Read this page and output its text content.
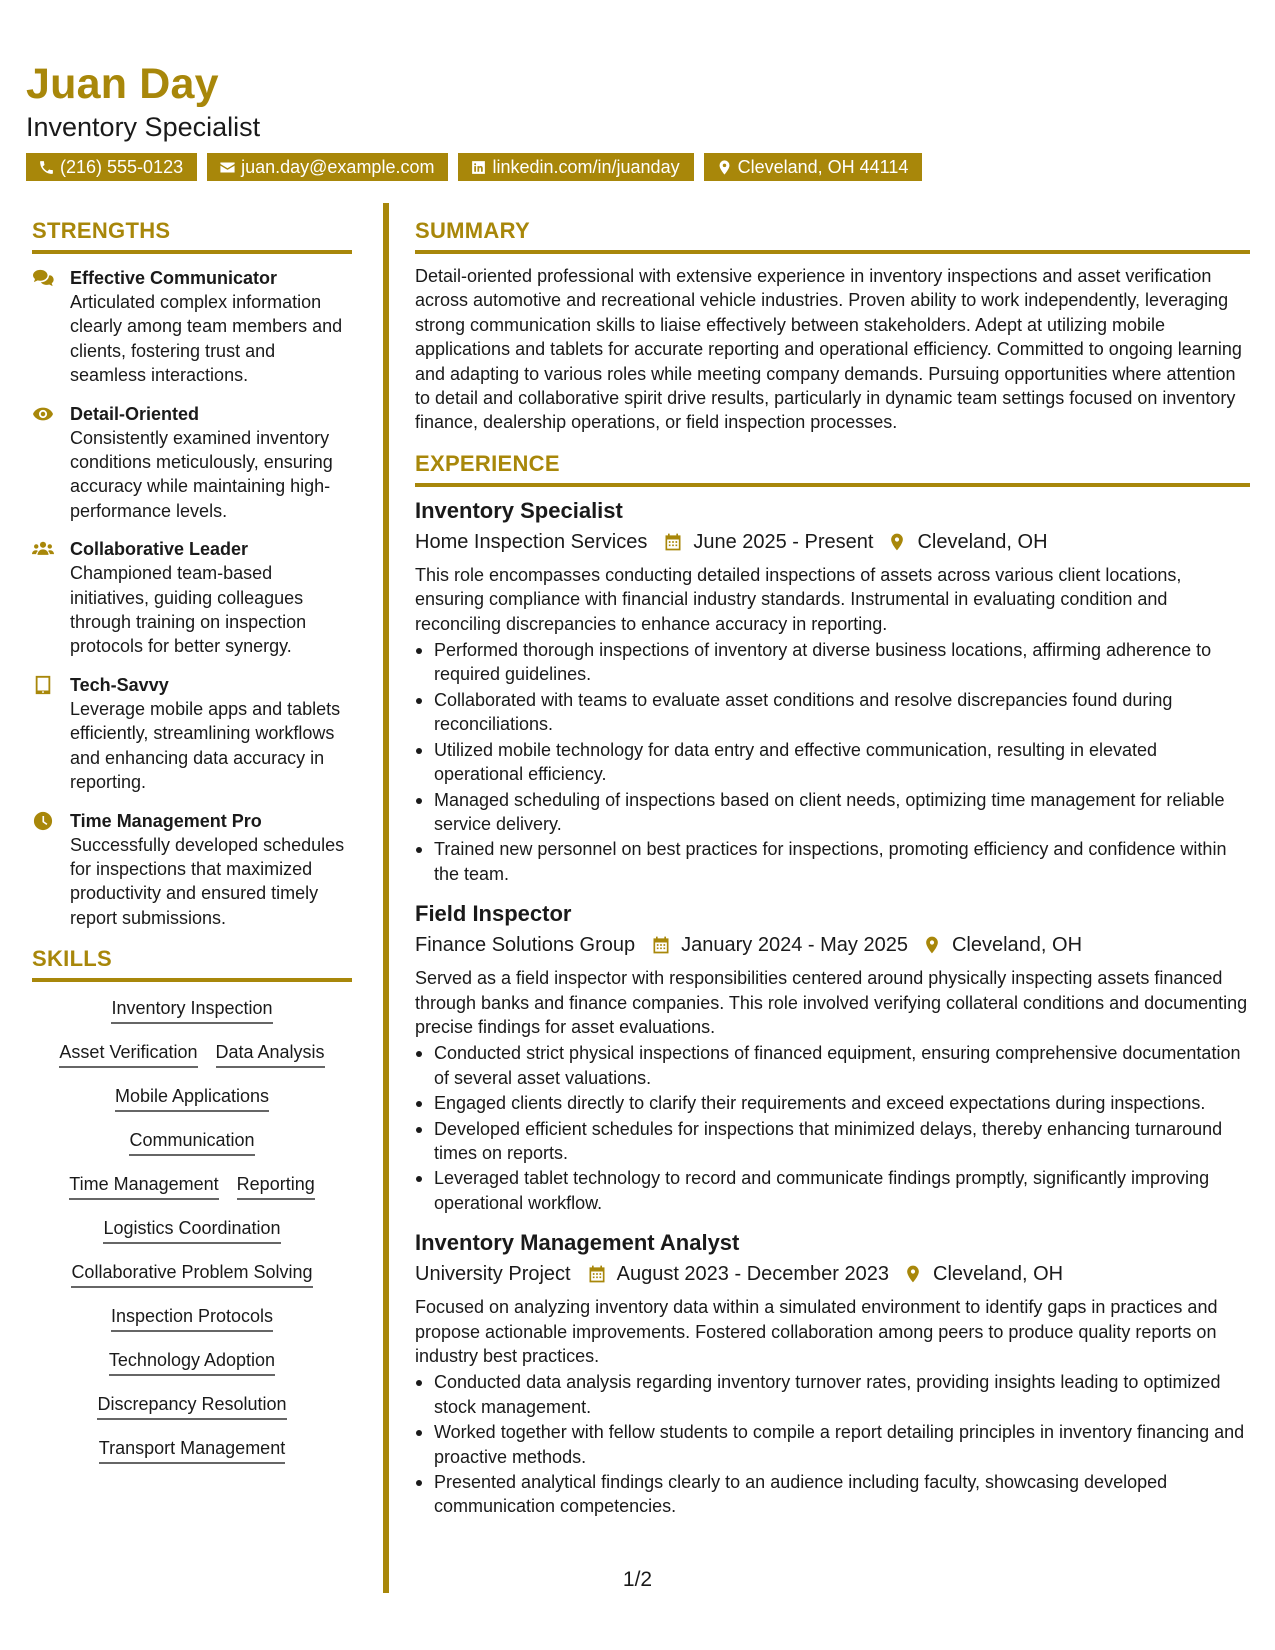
Juan Day
Inventory Specialist
(216) 555-0123	juan.day@example.com	linkedin.com/in/juanday	Cleveland, OH 44114
STRENGTHS
Effective Communicator
Articulated complex information clearly among team members and clients, fostering trust and seamless interactions.
Detail-Oriented
Consistently examined inventory conditions meticulously, ensuring accuracy while maintaining high-performance levels.
Collaborative Leader
Championed team-based initiatives, guiding colleagues through training on inspection protocols for better synergy.
Tech-Savvy
Leverage mobile apps and tablets efficiently, streamlining workflows and enhancing data accuracy in reporting.
Time Management Pro
Successfully developed schedules for inspections that maximized productivity and ensured timely report submissions.
SKILLS
Inventory Inspection
Asset Verification Data Analysis
Mobile Applications
Communication
Time Management Reporting
Logistics Coordination
Collaborative Problem Solving
Inspection Protocols
Technology Adoption
Discrepancy Resolution
Transport Management
SUMMARY
Detail-oriented professional with extensive experience in inventory inspections and asset verification across automotive and recreational vehicle industries. Proven ability to work independently, leveraging strong communication skills to liaise effectively between stakeholders. Adept at utilizing mobile applications and tablets for accurate reporting and operational efficiency. Committed to ongoing learning and adapting to various roles while meeting company demands. Pursuing opportunities where attention to detail and collaborative spirit drive results, particularly in dynamic team settings focused on inventory finance, dealership operations, or field inspection processes.
EXPERIENCE
Inventory Specialist
Home Inspection Services June 2025 - Present Cleveland, OH
This role encompasses conducting detailed inspections of assets across various client locations, ensuring compliance with financial industry standards. Instrumental in evaluating condition and reconciling discrepancies to enhance accuracy in reporting.
Performed thorough inspections of inventory at diverse business locations, affirming adherence to required guidelines.
Collaborated with teams to evaluate asset conditions and resolve discrepancies found during reconciliations.
Utilized mobile technology for data entry and effective communication, resulting in elevated operational efficiency.
Managed scheduling of inspections based on client needs, optimizing time management for reliable service delivery.
Trained new personnel on best practices for inspections, promoting efficiency and confidence within the team.
Field Inspector
Finance Solutions Group January 2024 - May 2025 Cleveland, OH
Served as a field inspector with responsibilities centered around physically inspecting assets financed through banks and finance companies. This role involved verifying collateral conditions and documenting precise findings for asset evaluations.
Conducted strict physical inspections of financed equipment, ensuring comprehensive documentation of several asset valuations.
Engaged clients directly to clarify their requirements and exceed expectations during inspections.
Developed efficient schedules for inspections that minimized delays, thereby enhancing turnaround times on reports.
Leveraged tablet technology to record and communicate findings promptly, significantly improving operational workflow.
Inventory Management Analyst
University Project August 2023 - December 2023 Cleveland, OH
Focused on analyzing inventory data within a simulated environment to identify gaps in practices and propose actionable improvements. Fostered collaboration among peers to produce quality reports on industry best practices.
Conducted data analysis regarding inventory turnover rates, providing insights leading to optimized stock management.
Worked together with fellow students to compile a report detailing principles in inventory financing and proactive methods.
Presented analytical findings clearly to an audience including faculty, showcasing developed communication competencies.
1/2
